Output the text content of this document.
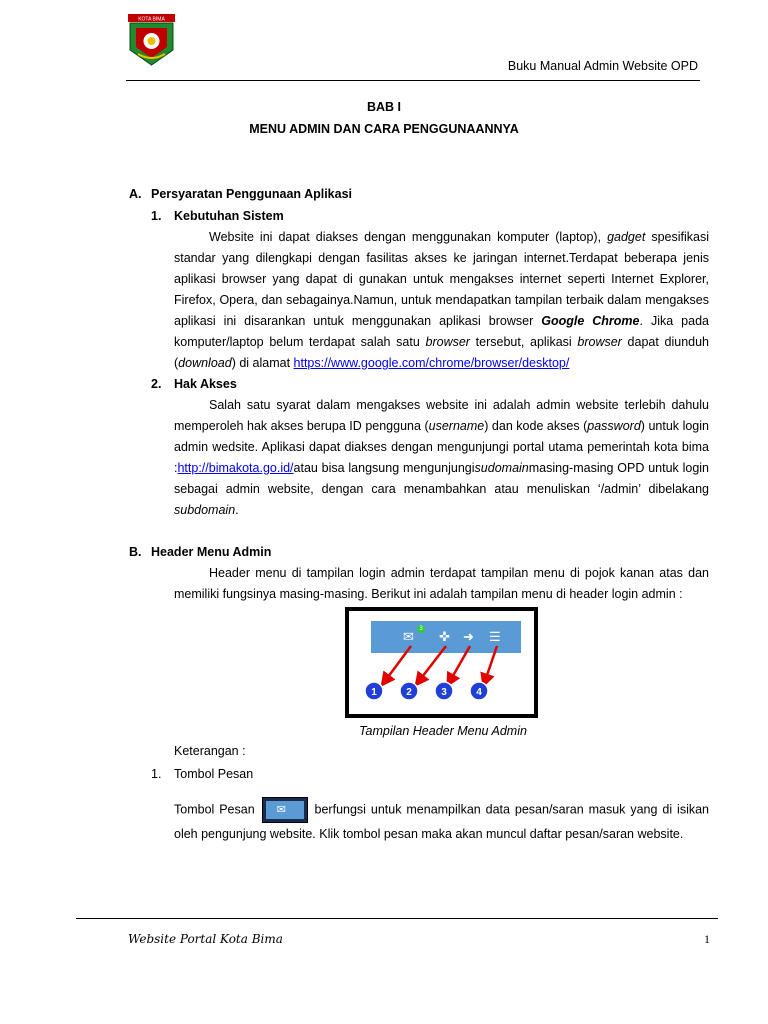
KOTA BIMA
Buku Manual Admin Website OPD
BAB I
MENU ADMIN DAN CARA PENGGUNAANNYA
A. Persyaratan Penggunaan Aplikasi
1. Kebutuhan Sistem
Website ini dapat diakses dengan menggunakan komputer (laptop), gadget spesifikasi standar yang dilengkapi dengan fasilitas akses ke jaringan internet.Terdapat beberapa jenis aplikasi browser yang dapat di gunakan untuk mengakses internet seperti Internet Explorer, Firefox, Opera, dan sebagainya.Namun, untuk mendapatkan tampilan terbaik dalam mengakses aplikasi ini disarankan untuk menggunakan aplikasi browser Google Chrome. Jika pada komputer/laptop belum terdapat salah satu browser tersebut, aplikasi browser dapat diunduh (download) di alamat https://www.google.com/chrome/browser/desktop/
2. Hak Akses
Salah satu syarat dalam mengakses website ini adalah admin website terlebih dahulu memperoleh hak akses berupa ID pengguna (username) dan kode akses (password) untuk login admin wedsite. Aplikasi dapat diakses dengan mengunjungi portal utama pemerintah kota bima :http://bimakota.go.id/atau bisa langsung mengunjungisudomainmasing-masing OPD untuk login sebagai admin website, dengan cara menambahkan atau menuliskan ‘/admin’ dibelakang subdomain.
B. Header Menu Admin
Header menu di tampilan login admin terdapat tampilan menu di pojok kanan atas dan memiliki fungsinya masing-masing. Berikut ini adalah tampilan menu di header login admin :
✉ 3 ✜ ➜ ☰
1	2	3	4
Tampilan Header Menu Admin
Keterangan :
1. Tombol Pesan
Tombol Pesan ✉ berfungsi untuk menampilkan data pesan/saran masuk yang di isikan oleh pengunjung website. Klik tombol pesan maka akan muncul daftar pesan/saran website.
Website Portal Kota Bima	1
